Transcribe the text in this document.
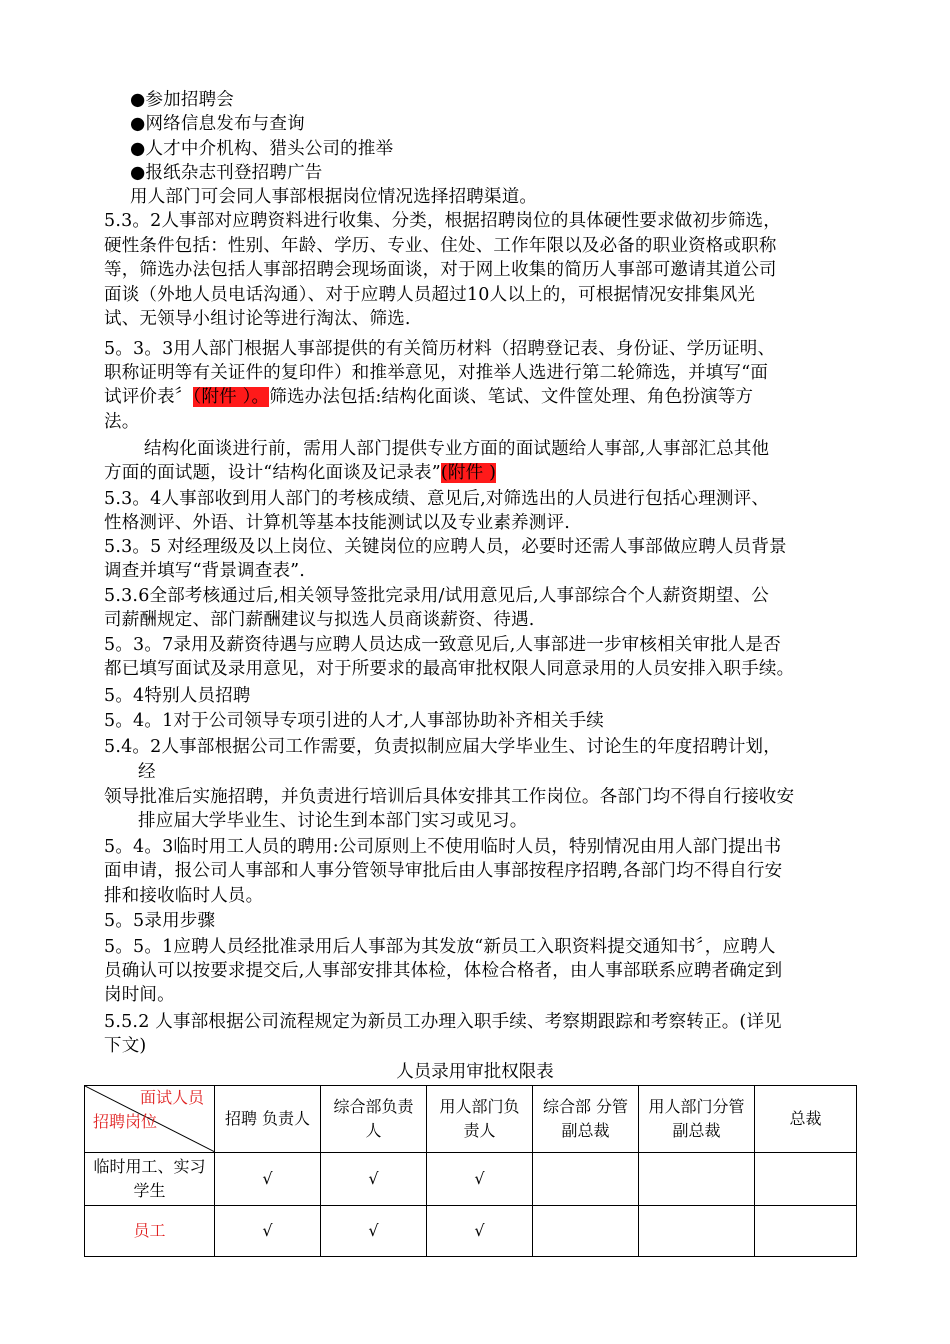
●参加招聘会
●网络信息发布与查询
●人才中介机构、猎头公司的推举
●报纸杂志刊登招聘广告
用人部门可会同人事部根据岗位情况选择招聘渠道。
5.3。2人事部对应聘资料进行收集、分类，根据招聘岗位的具体硬性要求做初步筛选，
硬性条件包括：性别、年龄、学历、专业、住处、工作年限以及必备的职业资格或职称
等，筛选办法包括人事部招聘会现场面谈，对于网上收集的简历人事部可邀请其道公司
面谈（外地人员电话沟通）、对于应聘人员超过10人以上的，可根据情况安排集风光
试、无领导小组讨论等进行淘汰、筛选.
5。3。3用人部门根据人事部提供的有关简历材料（招聘登记表、身份证、学历证明、
职称证明等有关证件的复印件）和推举意见，对推举人选进行第二轮筛选，并填写“面
试评价表〞（附件 ）。筛选办法包括:结构化面谈、笔试、文件筐处理、角色扮演等方
法。
结构化面谈进行前，需用人部门提供专业方面的面试题给人事部,人事部汇总其他
方面的面试题，设计“结构化面谈及记录表”(附件 )
5.3。4人事部收到用人部门的考核成绩、意见后,对筛选出的人员进行包括心理测评、
性格测评、外语、计算机等基本技能测试以及专业素养测评.
5.3。5 对经理级及以上岗位、关键岗位的应聘人员，必要时还需人事部做应聘人员背景
调查并填写“背景调查表”.
5.3.6全部考核通过后,相关领导签批完录用/试用意见后,人事部综合个人薪资期望、公
司薪酬规定、部门薪酬建议与拟选人员商谈薪资、待遇.
5。3。7录用及薪资待遇与应聘人员达成一致意见后,人事部进一步审核相关审批人是否
都已填写面试及录用意见，对于所要求的最高审批权限人同意录用的人员安排入职手续。
5。4特别人员招聘
5。4。1对于公司领导专项引进的人才,人事部协助补齐相关手续
5.4。2人事部根据公司工作需要，负责拟制应届大学毕业生、讨论生的年度招聘计划，
经
领导批准后实施招聘，并负责进行培训后具体安排其工作岗位。各部门均不得自行接收安
排应届大学毕业生、讨论生到本部门实习或见习。
5。4。3临时用工人员的聘用:公司原则上不使用临时人员，特别情况由用人部门提出书
面申请，报公司人事部和人事分管领导审批后由人事部按程序招聘,各部门均不得自行安
排和接收临时人员。
5。5录用步骤
5。5。1应聘人员经批准录用后人事部为其发放“新员工入职资料提交通知书〞，应聘人
员确认可以按要求提交后,人事部安排其体检，体检合格者，由人事部联系应聘者确定到
岗时间。
5.5.2 人事部根据公司流程规定为新员工办理入职手续、考察期跟踪和考察转正。(详见
下文)
人员录用审批权限表
面试人员
招聘岗位	招聘 负责人	综合部负责人	用人部门负责人	综合部 分管副总裁	用人部门分管副总裁	总裁
临时用工、实习学生	√	√	√			
员工	√	√	√			
